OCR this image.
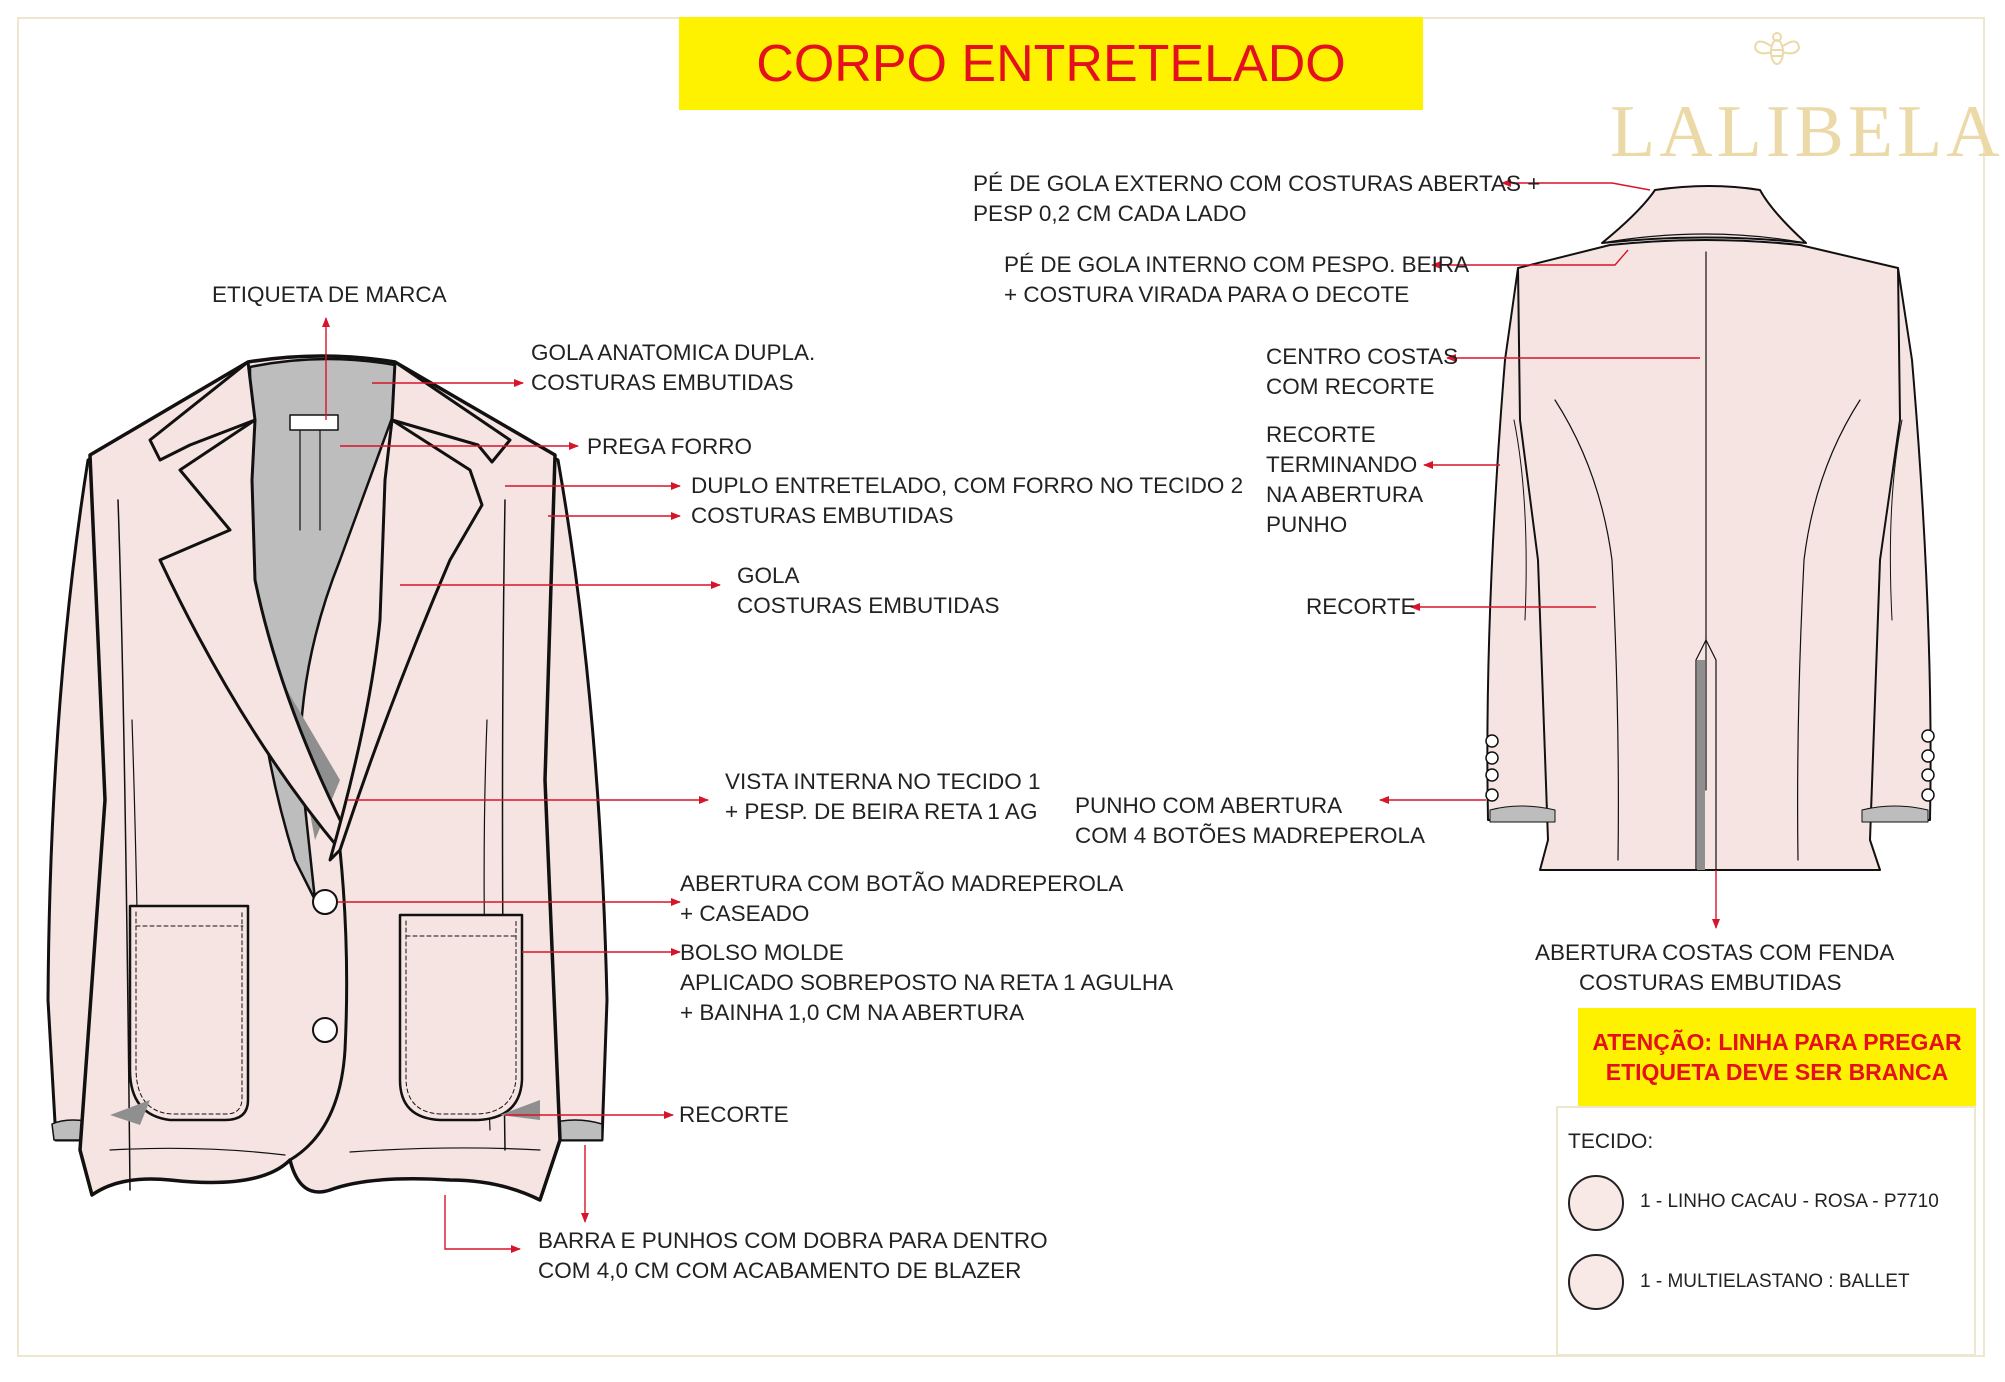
CORPO ENTRETELADO
LALIBELA
ETIQUETA DE MARCA
GOLA ANATOMICA DUPLA.
COSTURAS EMBUTIDAS
PREGA FORRO
DUPLO ENTRETELADO, COM FORRO NO TECIDO 2
COSTURAS EMBUTIDAS
GOLA
COSTURAS EMBUTIDAS
VISTA INTERNA NO TECIDO 1
+ PESP. DE BEIRA RETA 1 AG
ABERTURA COM BOTÃO MADREPEROLA
+ CASEADO
BOLSO MOLDE
APLICADO SOBREPOSTO NA RETA 1 AGULHA
+ BAINHA 1,0 CM NA ABERTURA
RECORTE
BARRA E PUNHOS COM DOBRA PARA DENTRO
COM 4,0 CM COM ACABAMENTO DE BLAZER
PÉ DE GOLA EXTERNO COM COSTURAS ABERTAS +
PESP 0,2 CM CADA LADO
PÉ DE GOLA INTERNO COM PESPO. BEIRA
+ COSTURA VIRADA PARA O DECOTE
CENTRO COSTAS
COM RECORTE
RECORTE
TERMINANDO
NA ABERTURA
PUNHO
RECORTE
PUNHO COM ABERTURA
COM 4 BOTÕES MADREPEROLA
ABERTURA COSTAS COM FENDA
COSTURAS EMBUTIDAS
ATENÇÃO: LINHA PARA PREGAR
ETIQUETA DEVE SER BRANCA
TECIDO:
1 - LINHO CACAU - ROSA - P7710
1 - MULTIELASTANO : BALLET
